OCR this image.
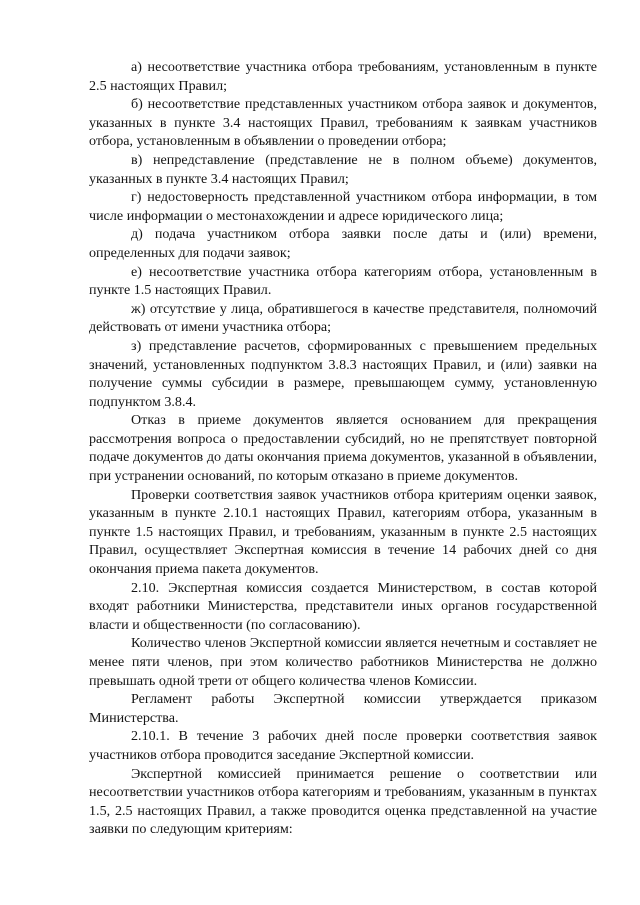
а) несоответствие участника отбора требованиям, установленным в пункте 2.5 настоящих Правил;

б) несоответствие представленных участником отбора заявок и документов, указанных в пункте 3.4 настоящих Правил, требованиям к заявкам участников отбора, установленным в объявлении о проведении отбора;

в) непредставление (представление не в полном объеме) документов, указанных в пункте 3.4 настоящих Правил;

г) недостоверность представленной участником отбора информации, в том числе информации о местонахождении и адресе юридического лица;

д) подача участником отбора заявки после даты и (или) времени, определенных для подачи заявок;

е) несоответствие участника отбора категориям отбора, установленным в пункте 1.5 настоящих Правил.

ж) отсутствие у лица, обратившегося в качестве представителя, полномочий действовать от имени участника отбора;

з) представление расчетов, сформированных с превышением предельных значений, установленных подпунктом 3.8.3 настоящих Правил, и (или) заявки на получение суммы субсидии в размере, превышающем сумму, установленную подпунктом 3.8.4.

Отказ в приеме документов является основанием для прекращения рассмотрения вопроса о предоставлении субсидий, но не препятствует повторной подаче документов до даты окончания приема документов, указанной в объявлении, при устранении оснований, по которым отказано в приеме документов.

Проверки соответствия заявок участников отбора критериям оценки заявок, указанным в пункте 2.10.1 настоящих Правил, категориям отбора, указанным в пункте 1.5 настоящих Правил, и требованиям, указанным в пункте 2.5 настоящих Правил, осуществляет Экспертная комиссия в течение 14 рабочих дней со дня окончания приема пакета документов.

2.10. Экспертная комиссия создается Министерством, в состав которой входят работники Министерства, представители иных органов государственной власти и общественности (по согласованию).

Количество членов Экспертной комиссии является нечетным и составляет не менее пяти членов, при этом количество работников Министерства не должно превышать одной трети от общего количества членов Комиссии.

Регламент работы Экспертной комиссии утверждается приказом Министерства.

2.10.1. В течение 3 рабочих дней после проверки соответствия заявок участников отбора проводится заседание Экспертной комиссии.

Экспертной комиссией принимается решение о соответствии или несоответствии участников отбора категориям и требованиям, указанным в пунктах 1.5, 2.5 настоящих Правил, а также проводится оценка представленной на участие заявки по следующим критериям:
